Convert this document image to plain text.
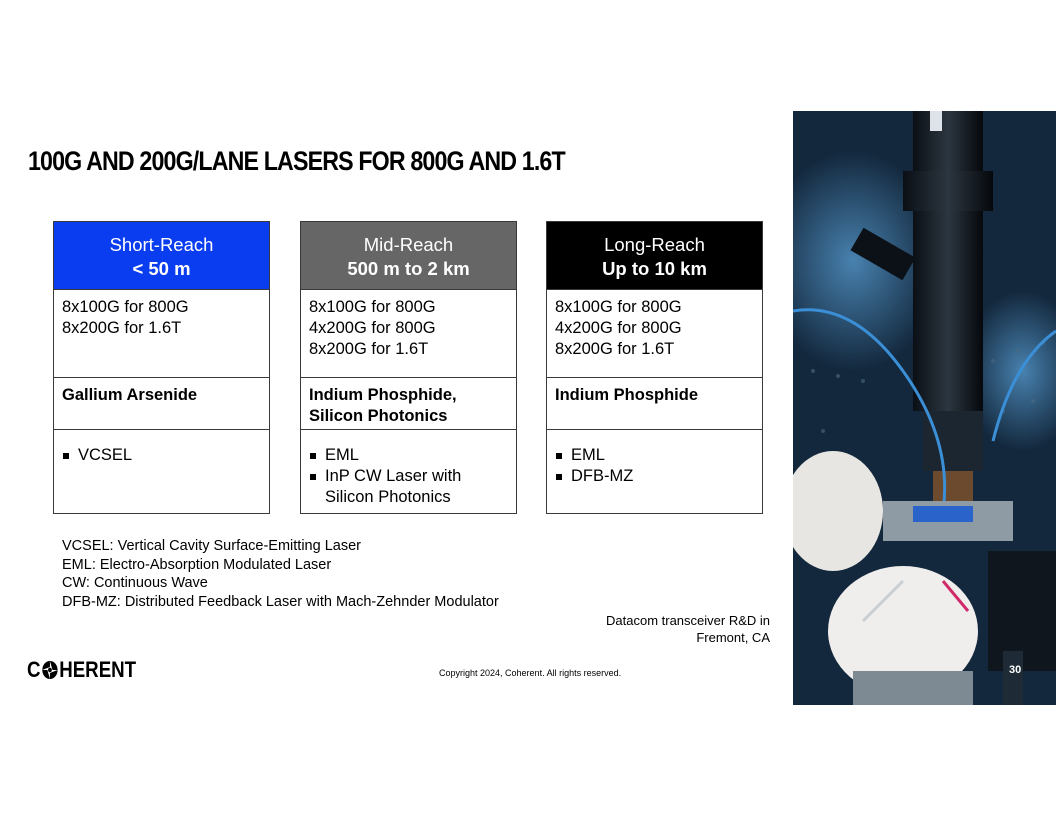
100G AND 200G/LANE LASERS FOR 800G AND 1.6T
Short-Reach
< 50 m
8x100G for 800G
8x200G for 1.6T
Gallium Arsenide
VCSEL
Mid-Reach
500 m to 2 km
8x100G for 800G
4x200G for 800G
8x200G for 1.6T
Indium Phosphide,
Silicon Photonics
EML
InP CW Laser with Silicon Photonics
Long-Reach
Up to 10 km
8x100G for 800G
4x200G for 800G
8x200G for 1.6T
Indium Phosphide
EML
DFB-MZ
VCSEL: Vertical Cavity Surface-Emitting Laser
EML: Electro-Absorption Modulated Laser
CW: Continuous Wave
DFB-MZ: Distributed Feedback Laser with Mach-Zehnder Modulator
Datacom transceiver R&D in
Fremont, CA
C HERENT	Copyright 2024, Coherent. All rights reserved.	30
